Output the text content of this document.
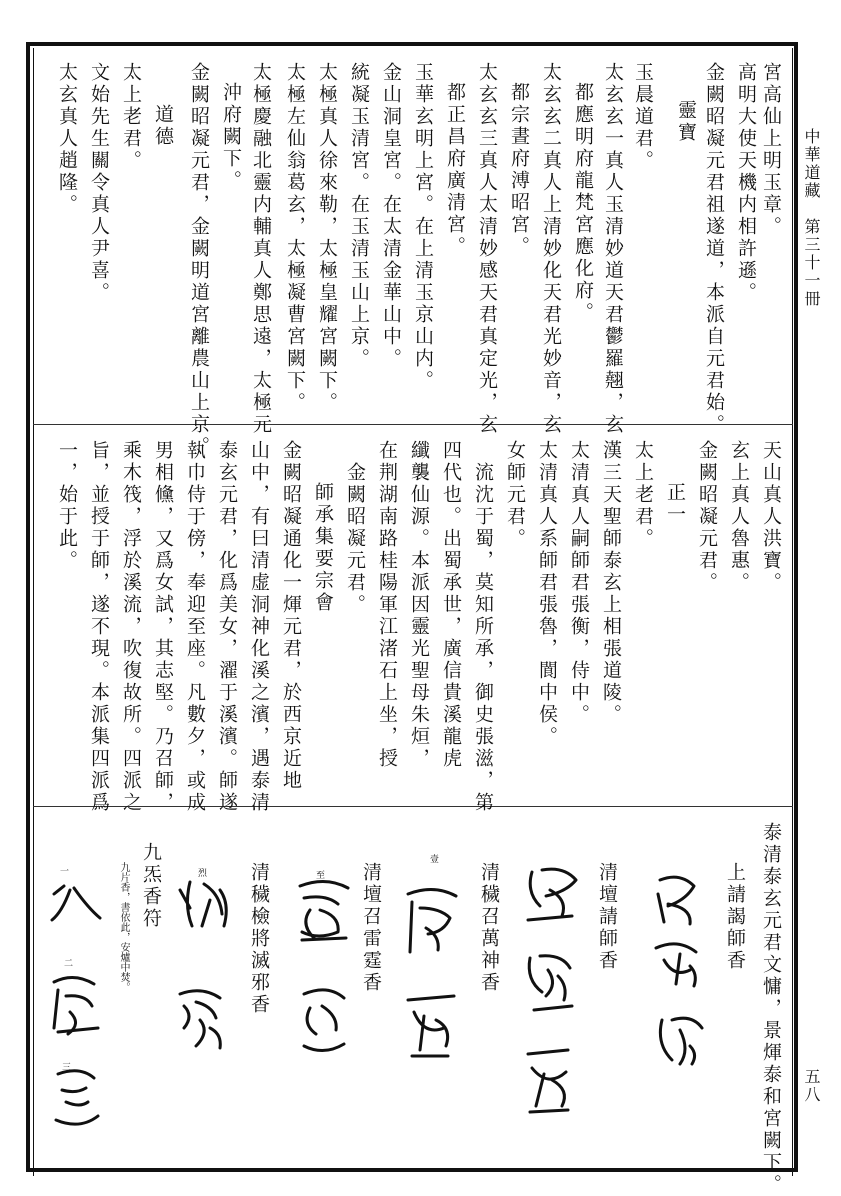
中華道藏　第三十一冊
五八
宮高仙上明玉章。
高明大使天機内相許遜。
金闕昭凝元君祖遂道，本派自元君始。
靈寶
玉晨道君。
太玄玄一真人玉清妙道天君鬱羅翹，玄
都應明府龍梵宮應化府。
太玄玄二真人上清妙化天君光妙音，玄
都宗晝府溥昭宮。
太玄玄三真人太清妙感天君真定光，玄
都正昌府廣清宮。
玉華玄明上宮。在上清玉京山内。
金山洞皇宮。在太清金華山中。
統凝玉清宮。在玉清玉山上京。
太極真人徐來勒，太極皇耀宮闕下。
太極左仙翁葛玄，太極凝曹宮闕下。
太極慶融北靈内輔真人鄭思遠，太極元
沖府闕下。
金闕昭凝元君，金闕明道宮離農山上京。
道德
太上老君。
文始先生關令真人尹喜。
太玄真人趙隆。
天山真人洪寶。
玄上真人魯惠。
金闕昭凝元君。
正一
太上老君。
漢三天聖師泰玄上相張道陵。
太清真人嗣師君張衡，侍中。
太清真人系師君張魯，閬中侯。
女師元君。
流沈于蜀，莫知所承，御史張滋，第
四代也。出蜀承世，廣信貴溪龍虎
纖襲仙源。本派因靈光聖母朱烜，
在荆湖南路桂陽軍江渚石上坐，授
金闕昭凝元君。
師承集要宗會
金闕昭凝通化一煇元君，於西京近地
山中，有曰清虚洞神化溪之濱，遇泰清
泰玄元君，化爲美女，濯于溪濱。師遂
執巾侍于傍，奉迎至座。凡數夕，或成
男相儵，又爲女試，其志堅。乃召師，
乘木筏，浮於溪流，吹復故所。四派之
旨，並授于師，遂不現。本派集四派爲
一，始于此。
泰清泰玄元君文慵，景煇泰和宮闕下。
上請謁師香
清壇請師香
清穢召萬神香
清壇召雷霆香
清穢檢將滅邪香
九炁香符
九片香，書依此，安爐中焚。
壹
至
烈
一
二
三
